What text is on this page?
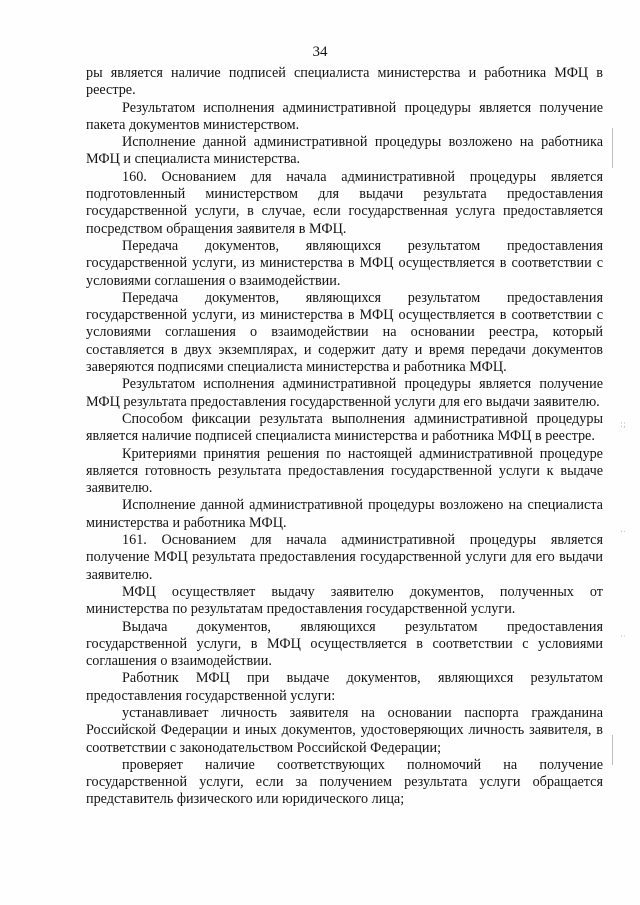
34

ры является наличие подписей специалиста министерства и работника МФЦ в реестре.

Результатом исполнения административной процедуры является получение пакета документов министерством.

Исполнение данной административной процедуры возложено на работника МФЦ и специалиста министерства.

160. Основанием для начала административной процедуры является подготовленный министерством для выдачи результата предоставления государственной услуги, в случае, если государственная услуга предоставляется посредством обращения заявителя в МФЦ.

Передача документов, являющихся результатом предоставления государственной услуги, из министерства в МФЦ осуществляется в соответствии с условиями соглашения о взаимодействии.

Передача документов, являющихся результатом предоставления государственной услуги, из министерства в МФЦ осуществляется в соответствии с условиями соглашения о взаимодействии на основании реестра, который составляется в двух экземплярах, и содержит дату и время передачи документов заверяются подписями специалиста министерства и работника МФЦ.

Результатом исполнения административной процедуры является получение МФЦ результата предоставления государственной услуги для его выдачи заявителю.

Способом фиксации результата выполнения административной процедуры является наличие подписей специалиста министерства и работника МФЦ в реестре.

Критериями принятия решения по настоящей административной процедуре является готовность результата предоставления государственной услуги к выдаче заявителю.

Исполнение данной административной процедуры возложено на специалиста министерства и работника МФЦ.

161. Основанием для начала административной процедуры является получение МФЦ результата предоставления государственной услуги для его выдачи заявителю.

МФЦ осуществляет выдачу заявителю документов, полученных от министерства по результатам предоставления государственной услуги.

Выдача документов, являющихся результатом предоставления государственной услуги, в МФЦ осуществляется в соответствии с условиями соглашения о взаимодействии.

Работник МФЦ при выдаче документов, являющихся результатом предоставления государственной услуги:

устанавливает личность заявителя на основании паспорта гражданина Российской Федерации и иных документов, удостоверяющих личность заявителя, в соответствии с законодательством Российской Федерации;

проверяет наличие соответствующих полномочий на получение государственной услуги, если за получением результата услуги обращается представитель физического или юридического лица;

:;
..
··
